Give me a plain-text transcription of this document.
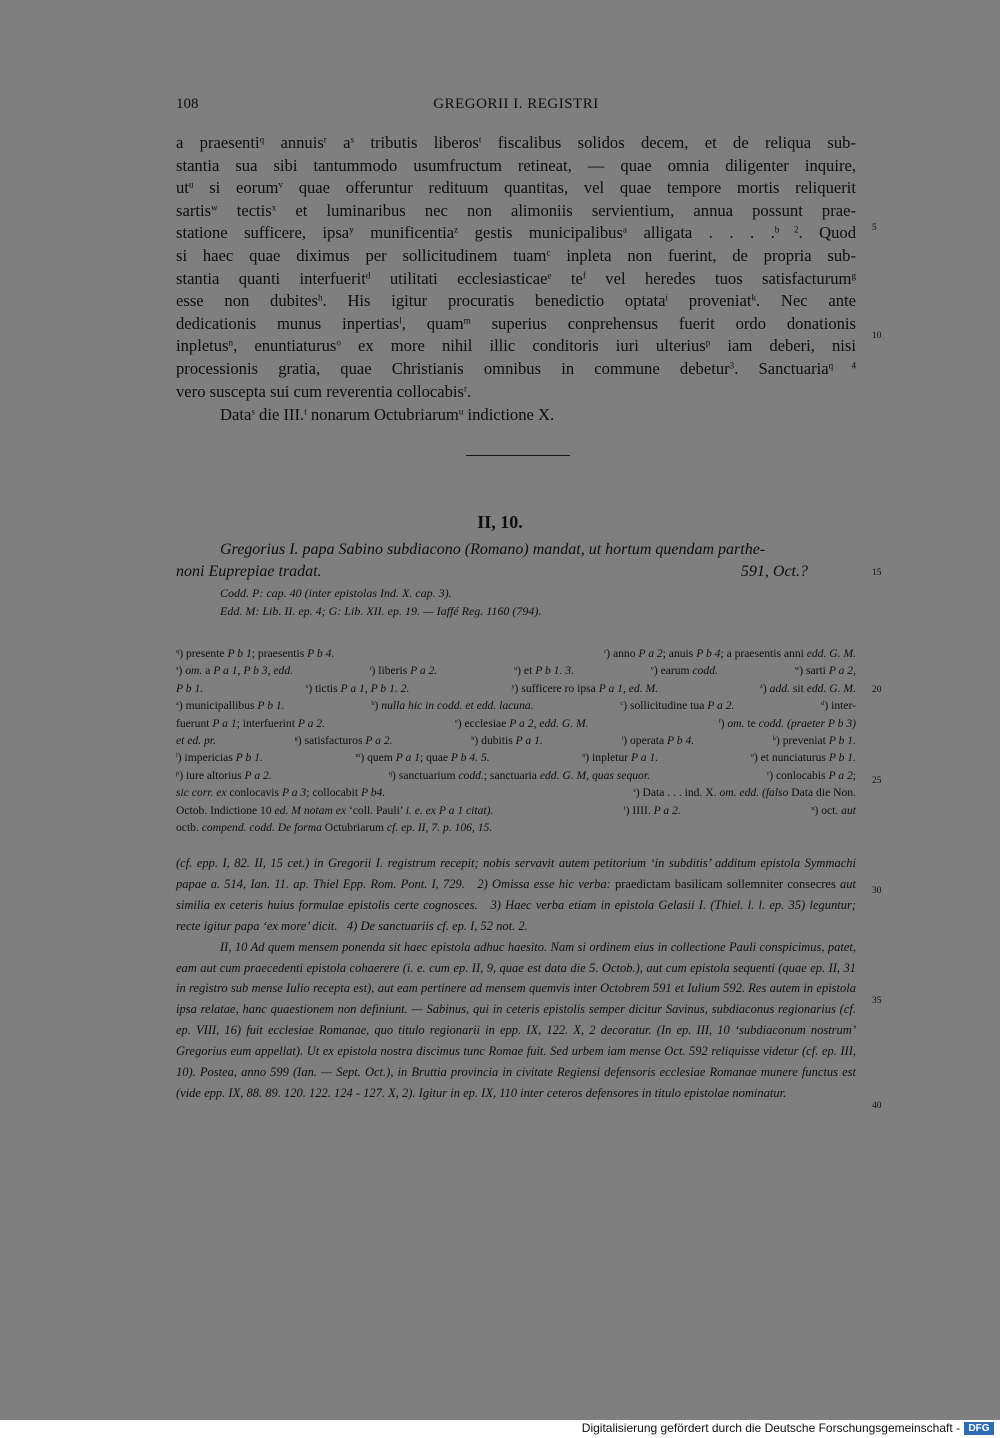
108	GREGORII I. REGISTRI
a praesenti$^q$ annuis$^r$ $a^s$ tributis liberos$^t$ fiscalibus solidos decem, et de reliqua sub-
stantia sua sibi tantummodo usumfructum retineat, — quae omnia diligenter inquire,
$ut^u$ si eorum$^v$ quae offeruntur redituum quantitas, vel quae tempore mortis reliquerit
sartis$^w$ tectis$^x$ et luminaribus nec non alimoniis servientium, annua possunt prae-
statione sufficere, ipsa$^y$ munificentia$^z$ gestis municipalibus$^a$ alligata . . . .$^{b 2}$. Quod
si haec quae diximus per sollicitudinem tuam$^c$ inpleta non fuerint, de propria sub-
stantia quanti interfuerit$^d$ utilitati ecclesiasticae$^e$ $te^f$ vel heredes tuos satisfacturum$^g$
esse non dubites$^h$. His igitur procuratis benedictio optata$^i$ proveniat$^k$. Nec ante
dedicationis munus inpertias$^l$, quam$^m$ superius conprehensus fuerit ordo donationis
inpletus$^n$, enuntiaturus$^o$ ex more nihil illic conditoris iuri ulterius$^p$ iam deberi, nisi
processionis gratia, quae Christianis omnibus in commune debetur$^3$. Sanctuaria$^{q 4}$
vero suscepta sui cum reverentia collocabis$^r$.
Data$^s$ die III.$^t$ nonarum Octubriarum$^u$ indictione X.
5
10
15
20
25
30
35
40
II, 10.
Gregorius I. papa Sabino subdiacono (Romano) mandat, ut hortum quendam parthe-
noni Euprepiae tradat.	591, Oct.?
Codd. P: cap. 40 (inter epistolas Ind. X. cap. 3).
Edd. M: Lib. II. ep. 4; G: Lib. XII. ep. 19. — Iaffé Reg. 1160 (794).
$^q$) presente P b 1; praesentis P b 4.	$^r$) anno P a 2; anuis P b 4; a praesentis anni edd. G. M.
$^s$) om. a P a 1, P b 3, edd.	$^t$) liberis P a 2.	$^u$) et P b 1. 3.	$^v$) earum codd.	$^w$) sarti P a 2,
P b 1.	$^x$) tictis P a 1, P b 1. 2.	$^y$) sufficere ro ipsa P a 1, ed. M.	$^z$) add. sit edd. G. M.
$^a$) municipallibus P b 1.	$^b$) nulla hic in codd. et edd. lacuna.	$^c$) sollicitudine tua P a 2.	$^d$) inter-
fuerunt P a 1; interfuerint P a 2.	$^e$) ecclesiae P a 2, edd. G. M.	$^f$) om. te codd. (praeter P b 3)
et ed. pr.	$^g$) satisfacturos P a 2.	$^h$) dubitis P a 1.	$^i$) operata P b 4.	$^k$) preveniat P b 1.
$^l$) impericias P b 1.	$^m$) quem P a 1; quae P b 4. 5.	$^n$) inpletur P a 1.	$^o$) et nunciaturus P b 1.
$^p$) iure altorius P a 2.	$^q$) sanctuarium codd.; sanctuaria edd. G. M, quas sequor.	$^r$) conlocabis P a 2;
sic corr. ex conlocavis P a 3; collocabit P b4.	$^s$) Data . . . ind. X. om. edd. (falso Data die Non.
Octob. Indictione 10 ed. M notam ex ‘coll. Pauli’ i. e. ex P a 1 citat).	$^t$) IIII. P a 2.	$^u$) oct. aut
octb. compend. codd. De forma Octubriarum cf. ep. II, 7. p. 106, 15.

(cf. epp. I, 82. II, 15 cet.) in Gregorii I. registrum recepit; nobis servavit autem petitorium ‘in subditis’ additum epistola Symmachi papae a. 514, Ian. 11. ap. Thiel Epp. Rom. Pont. I, 729.   2) Omissa esse hic verba: praedictam basilicam sollemniter consecres aut similia ex ceteris huius formulae epistolis certe cognosces.   3) Haec verba etiam in epistola Gelasii I. (Thiel. l. l. ep. 35) leguntur; recte igitur papa ‘ex more’ dicit.   4) De sanctuariis cf. ep. I, 52 not. 2.

II, 10 Ad quem mensem ponenda sit haec epistola adhuc haesito. Nam si ordinem eius in collectione Pauli conspicimus, patet, eam aut cum praecedenti epistola cohaerere (i. e. cum ep. II, 9, quae est data die 5. Octob.), aut cum epistola sequenti (quae ep. II, 31 in registro sub mense Iulio recepta est), aut eam pertinere ad mensem quemvis inter Octobrem 591 et Iulium 592. Res autem in epistola ipsa relatae, hanc quaestionem non definiunt. — Sabinus, qui in ceteris epistolis semper dicitur Savinus, subdiaconus regionarius (cf. ep. VIII, 16) fuit ecclesiae Romanae, quo titulo regionarii in epp. IX, 122. X, 2 decoratur. (In ep. III, 10 ‘subdiaconum nostrum’ Gregorius eum appellat). Ut ex epistola nostra discimus tunc Romae fuit. Sed urbem iam mense Oct. 592 reliquisse videtur (cf. ep. III, 10). Postea, anno 599 (Ian. — Sept. Oct.), in Bruttia provincia in civitate Regiensi defensoris ecclesiae Romanae munere functus est (vide epp. IX, 88. 89. 120. 122. 124 - 127. X, 2). Igitur in ep. IX, 110 inter ceteros defensores in titulo epistolae nominatur.

Digitalisierung gefördert durch die Deutsche Forschungsgemeinschaft - DFG
